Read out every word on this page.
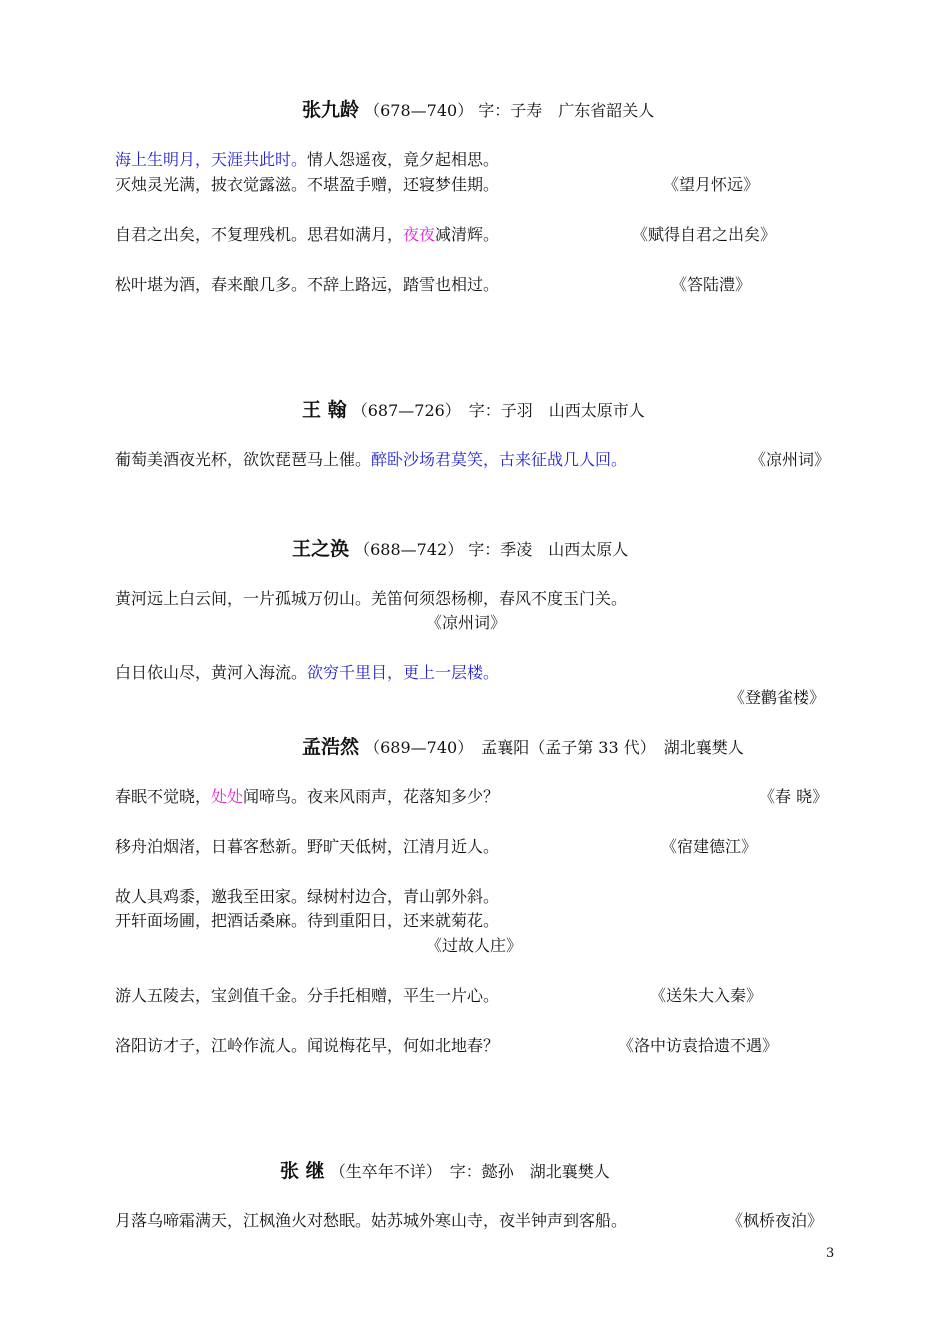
张九龄 （678—740） 字：子寿　广东省韶关人
海上生明月，天涯共此时。情人怨遥夜，竟夕起相思。
灭烛灵光满，披衣觉露滋。不堪盈手赠，还寝梦佳期。	《望月怀远》
自君之出矣，不复理残机。思君如满月，夜夜减清辉。	《赋得自君之出矣》
松叶堪为酒，春来酿几多。不辞上路远，踏雪也相过。	《答陆澧》
王 翰 （687—726）　字：子羽　山西太原市人
葡萄美酒夜光杯，欲饮琵琶马上催。醉卧沙场君莫笑，古来征战几人回。	《凉州词》
王之涣 （688—742） 字：季凌　山西太原人
黄河远上白云间，一片孤城万仞山。羌笛何须怨杨柳，春风不度玉门关。
《凉州词》
白日依山尽，黄河入海流。欲穷千里目，更上一层楼。
《登鹳雀楼》
孟浩然 （689—740）　孟襄阳（孟子第 33 代）　湖北襄樊人
春眠不觉晓，处处闻啼鸟。夜来风雨声，花落知多少？	《春 晓》
移舟泊烟渚，日暮客愁新。野旷天低树，江清月近人。	《宿建德江》
故人具鸡黍，邀我至田家。绿树村边合，青山郭外斜。
开轩面场圃，把酒话桑麻。待到重阳日，还来就菊花。
《过故人庄》
游人五陵去，宝剑值千金。分手托相赠，平生一片心。	《送朱大入秦》
洛阳访才子，江岭作流人。闻说梅花早，何如北地春？	《洛中访袁拾遗不遇》
张 继 （生卒年不详）　字：懿孙　湖北襄樊人
月落乌啼霜满天，江枫渔火对愁眠。姑苏城外寒山寺，夜半钟声到客船。	《枫桥夜泊》
3
